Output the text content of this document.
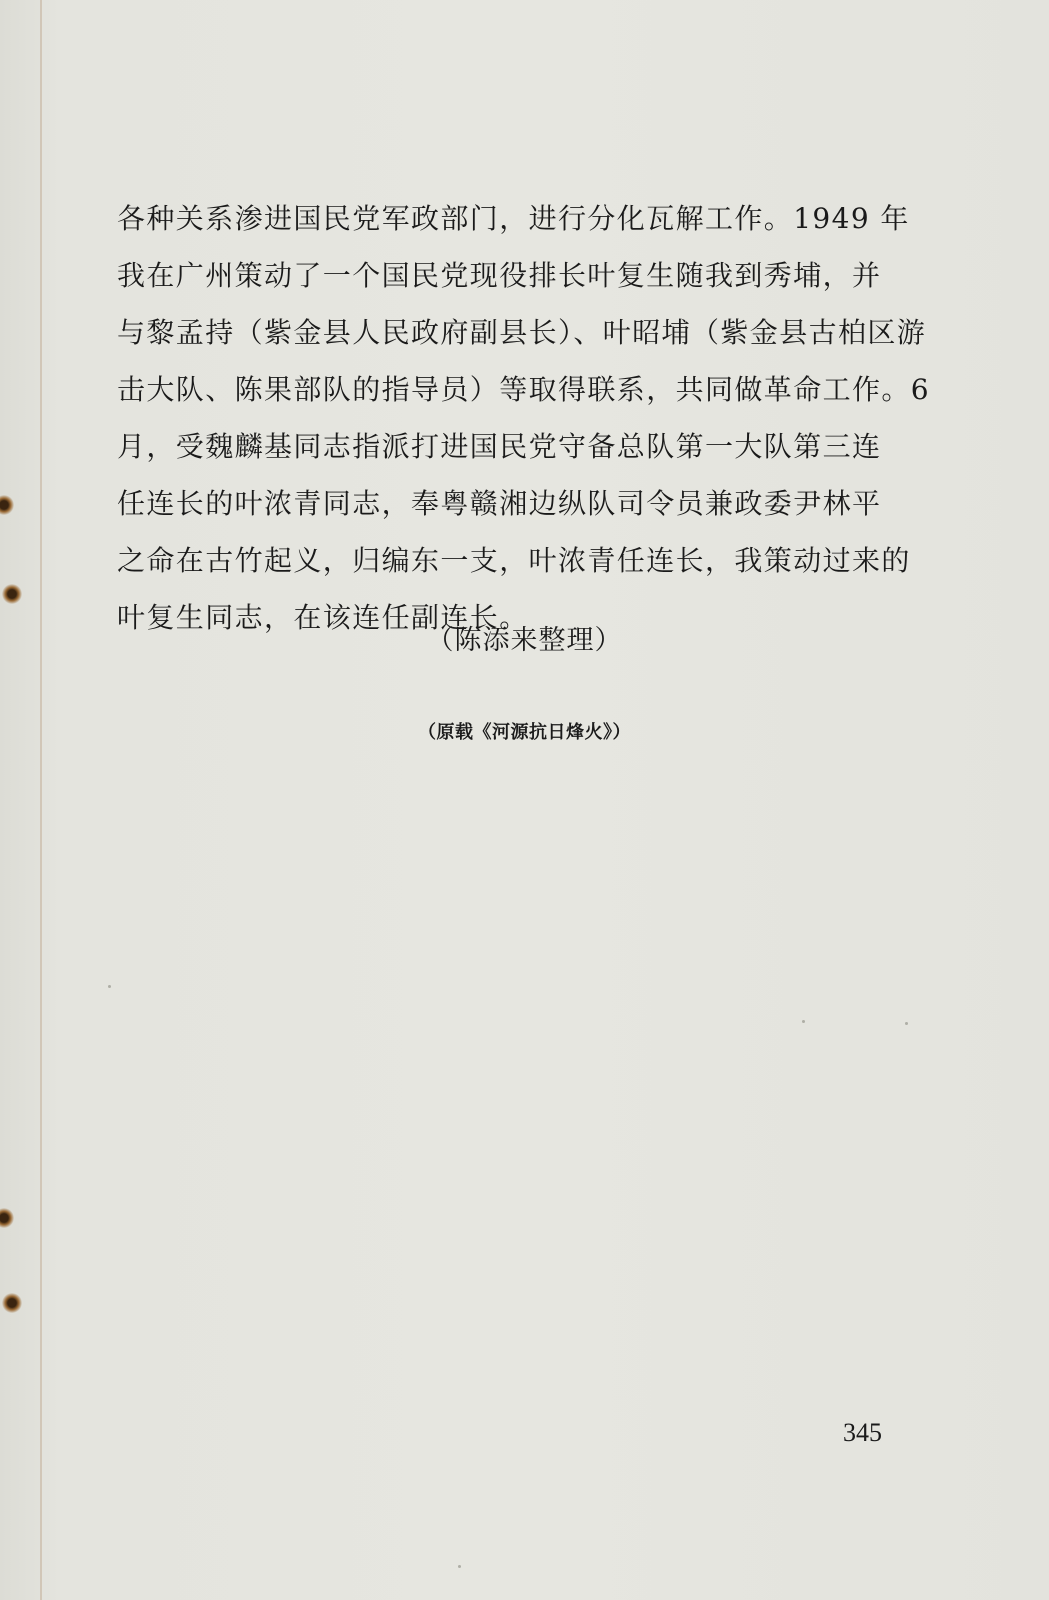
各种关系渗进国民党军政部门，进行分化瓦解工作。1949 年
我在广州策动了一个国民党现役排长叶复生随我到秀埔，并
与黎孟持（紫金县人民政府副县长）、叶昭埔（紫金县古柏区游
击大队、陈果部队的指导员）等取得联系，共同做革命工作。6
月，受魏麟基同志指派打进国民党守备总队第一大队第三连
任连长的叶浓青同志，奉粤赣湘边纵队司令员兼政委尹林平
之命在古竹起义，归编东一支，叶浓青任连长，我策动过来的
叶复生同志，在该连任副连长。
（陈添来整理）
（原载《河源抗日烽火》）
345
